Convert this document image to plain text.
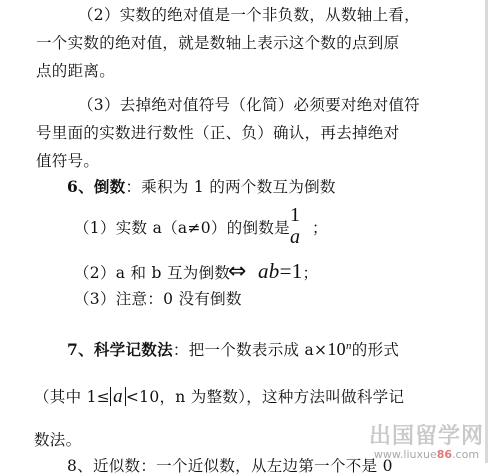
（2）实数的绝对值是一个非负数，从数轴上看，
一个实数的绝对值，就是数轴上表示这个数的点到原
点的距离。
（3）去掉绝对值符号（化简）必须要对绝对值符
号里面的实数进行数性（正、负）确认，再去掉绝对
值符号。
6、倒数：乘积为 1 的两个数互为倒数
（1）实数 a（a≠0）的倒数是
1
a ；
（2）a 和 b 互为倒数
⇔ ab=1；
（3）注意：0 没有倒数
7、科学记数法：把一个数表示成 $a\times 10^n$的形式
（其中 1≤ a <10，n 为整数），这种方法叫做科学记
数法。
8、近似数：一个近似数，从左边第一个不是 0
出国留学网
www.liuxue86.com
